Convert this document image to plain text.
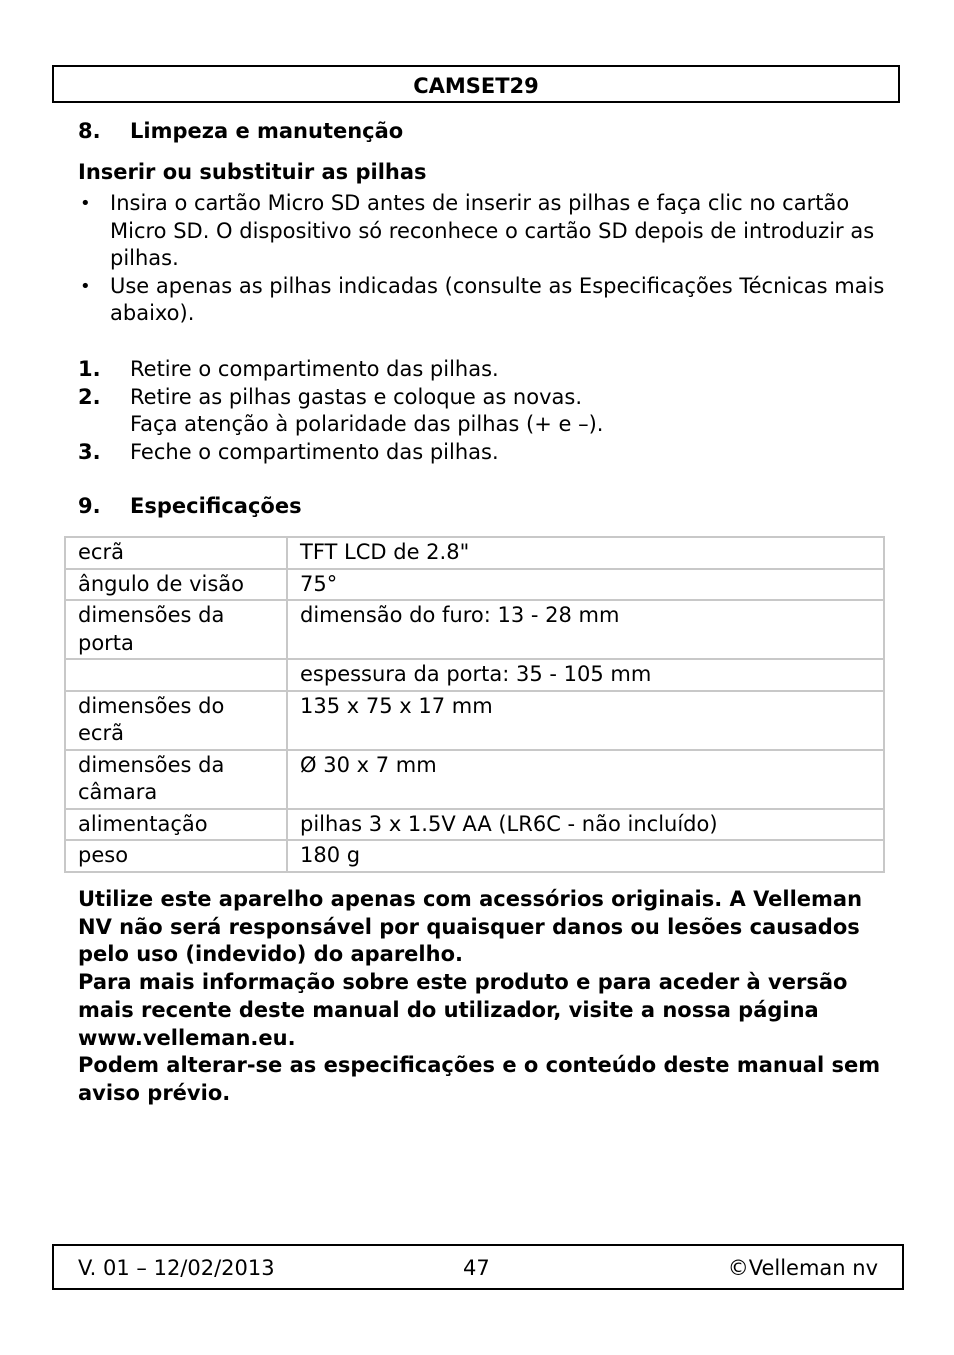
CAMSET29
8. Limpeza e manutenção
Inserir ou substituir as pilhas
• Insira o cartão Micro SD antes de inserir as pilhas e faça clic no cartão Micro SD. O dispositivo só reconhece o cartão SD depois de introduzir as pilhas.
• Use apenas as pilhas indicadas (consulte as Especificações Técnicas mais abaixo).
1. Retire o compartimento das pilhas.
2. Retire as pilhas gastas e coloque as novas.
Faça atenção à polaridade das pilhas (+ e –).
3. Feche o compartimento das pilhas.
9. Especificações
ecrã	TFT LCD de 2.8"
ângulo de visão	75°
dimensões da porta	dimensão do furo: 13 - 28 mm
	espessura da porta: 35 - 105 mm
dimensões do ecrã	135 x 75 x 17 mm
dimensões da câmara	Ø 30 x 7 mm
alimentação	pilhas 3 x 1.5V AA (LR6C - não incluído)
peso	180 g

Utilize este aparelho apenas com acessórios originais. A Velleman NV não será responsável por quaisquer danos ou lesões causados pelo uso (indevido) do aparelho.

Para mais informação sobre este produto e para aceder à versão mais recente deste manual do utilizador, visite a nossa página www.velleman.eu.

Podem alterar-se as especificações e o conteúdo deste manual sem aviso prévio.

V. 01 – 12/02/2013	47	©Velleman nv
